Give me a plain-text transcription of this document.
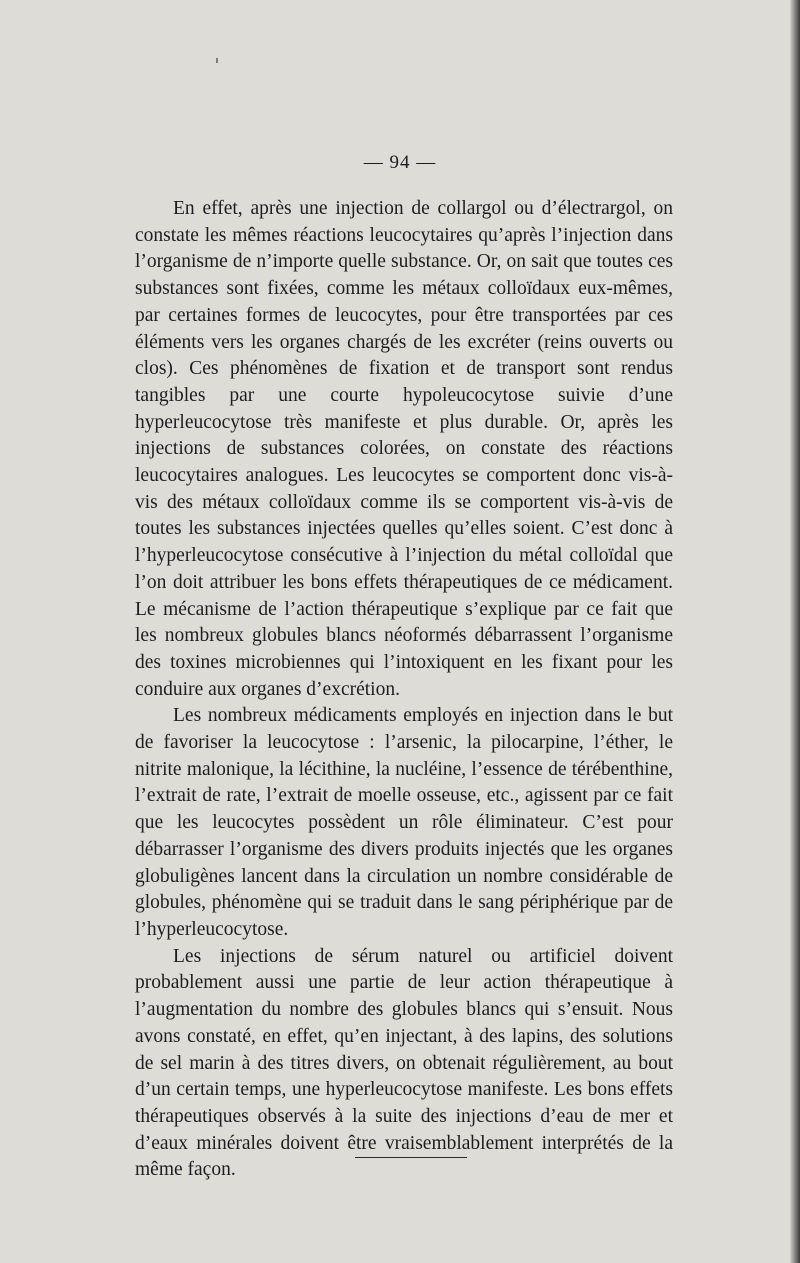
— 94 —

En effet, après une injection de collargol ou d’électrargol, on constate les mêmes réactions leucocytaires qu’après l’injection dans l’organisme de n’importe quelle substance. Or, on sait que toutes ces substances sont fixées, comme les métaux colloïdaux eux-mêmes, par certaines formes de leucocytes, pour être transportées par ces éléments vers les organes chargés de les excréter (reins ouverts ou clos). Ces phénomènes de fixation et de transport sont rendus tangibles par une courte hypoleucocytose suivie d’une hyperleucocytose très manifeste et plus durable. Or, après les injections de substances colorées, on constate des réactions leucocytaires analogues. Les leucocytes se comportent donc vis-à-vis des métaux colloïdaux comme ils se comportent vis-à-vis de toutes les substances injectées quelles qu’elles soient. C’est donc à l’hyperleucocytose consécutive à l’injection du métal colloïdal que l’on doit attribuer les bons effets thérapeutiques de ce médicament. Le mécanisme de l’action thérapeutique s’explique par ce fait que les nombreux globules blancs néoformés débarrassent l’organisme des toxines microbiennes qui l’intoxiquent en les fixant pour les conduire aux organes d’excrétion.

Les nombreux médicaments employés en injection dans le but de favoriser la leucocytose : l’arsenic, la pilocarpine, l’éther, le nitrite malonique, la lécithine, la nucléine, l’essence de térébenthine, l’extrait de rate, l’extrait de moelle osseuse, etc., agissent par ce fait que les leucocytes possèdent un rôle éliminateur. C’est pour débarrasser l’organisme des divers produits injectés que les organes globuligènes lancent dans la circulation un nombre considérable de globules, phénomène qui se traduit dans le sang périphérique par de l’hyperleucocytose.

Les injections de sérum naturel ou artificiel doivent probablement aussi une partie de leur action thérapeutique à l’augmentation du nombre des globules blancs qui s’ensuit. Nous avons constaté, en effet, qu’en injectant, à des lapins, des solutions de sel marin à des titres divers, on obtenait régulièrement, au bout d’un certain temps, une hyperleucocytose manifeste. Les bons effets thérapeutiques observés à la suite des injections d’eau de mer et d’eaux minérales doivent être vraisemblablement interprétés de la même façon.
